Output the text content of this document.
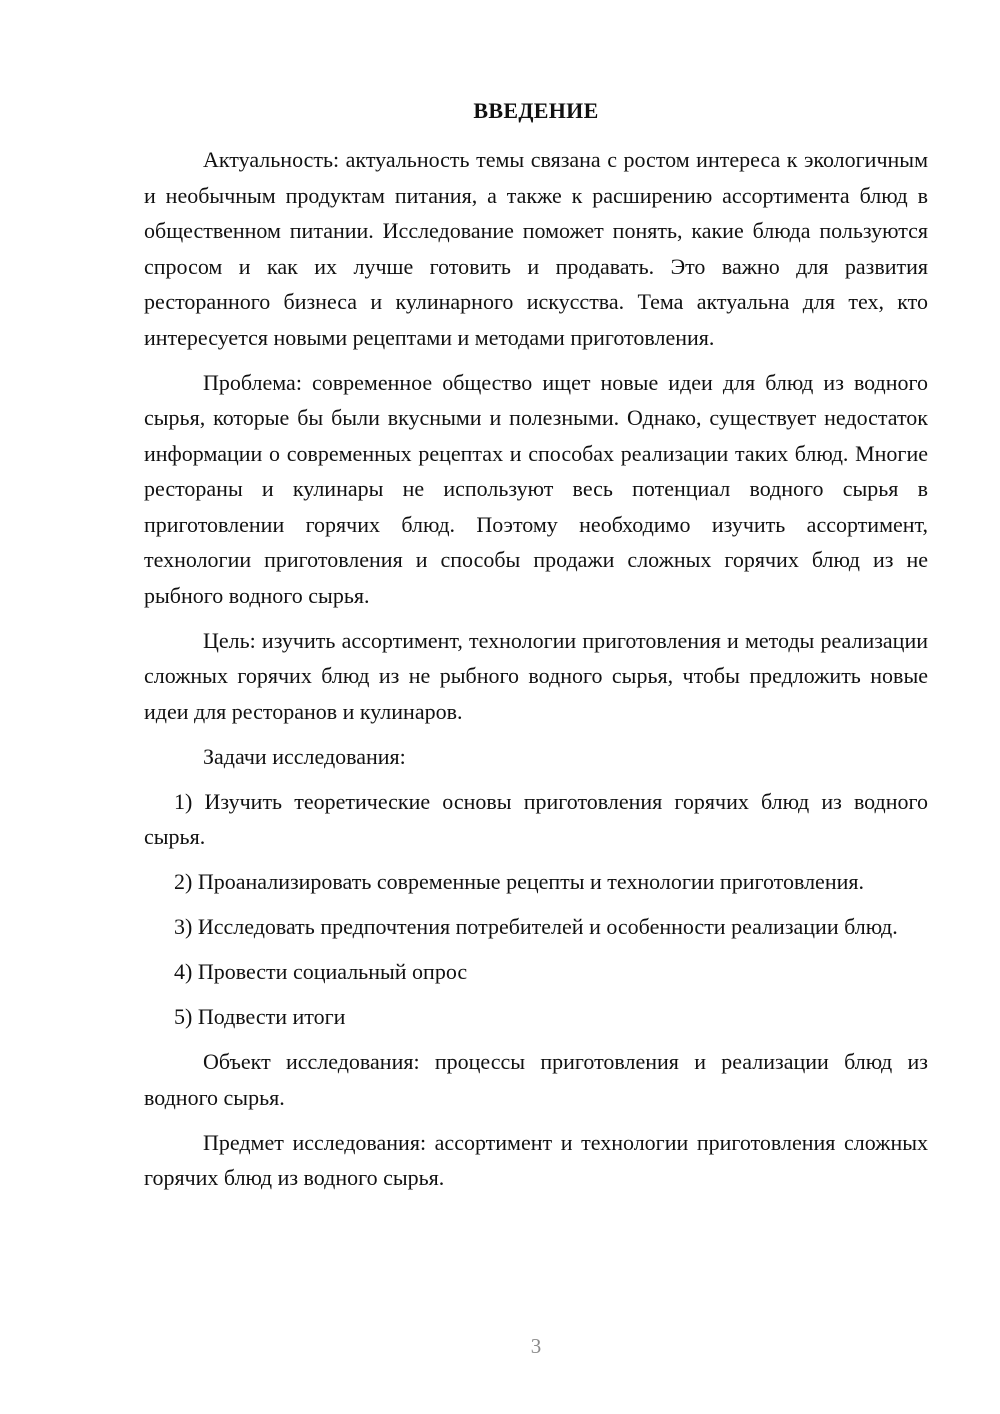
ВВЕДЕНИЕ

Актуальность: актуальность темы связана с ростом интереса к экологичным и необычным продуктам питания, а также к расширению ассортимента блюд в общественном питании. Исследование поможет понять, какие блюда пользуются спросом и как их лучше готовить и продавать. Это важно для развития ресторанного бизнеса и кулинарного искусства. Тема актуальна для тех, кто интересуется новыми рецептами и методами приготовления.

Проблема: современное общество ищет новые идеи для блюд из водного сырья, которые бы были вкусными и полезными. Однако, существует недостаток информации о современных рецептах и способах реализации таких блюд. Многие рестораны и кулинары не используют весь потенциал водного сырья в приготовлении горячих блюд. Поэтому необходимо изучить ассортимент, технологии приготовления и способы продажи сложных горячих блюд из не рыбного водного сырья.

Цель: изучить ассортимент, технологии приготовления и методы реализации сложных горячих блюд из не рыбного водного сырья, чтобы предложить новые идеи для ресторанов и кулинаров.

Задачи исследования:

1) Изучить теоретические основы приготовления горячих блюд из водного сырья.

2) Проанализировать современные рецепты и технологии приготовления.

3) Исследовать предпочтения потребителей и особенности реализации блюд.

4) Провести социальный опрос

5) Подвести итоги

Объект исследования: процессы приготовления и реализации блюд из водного сырья.

Предмет исследования: ассортимент и технологии приготовления сложных горячих блюд из водного сырья.

3
